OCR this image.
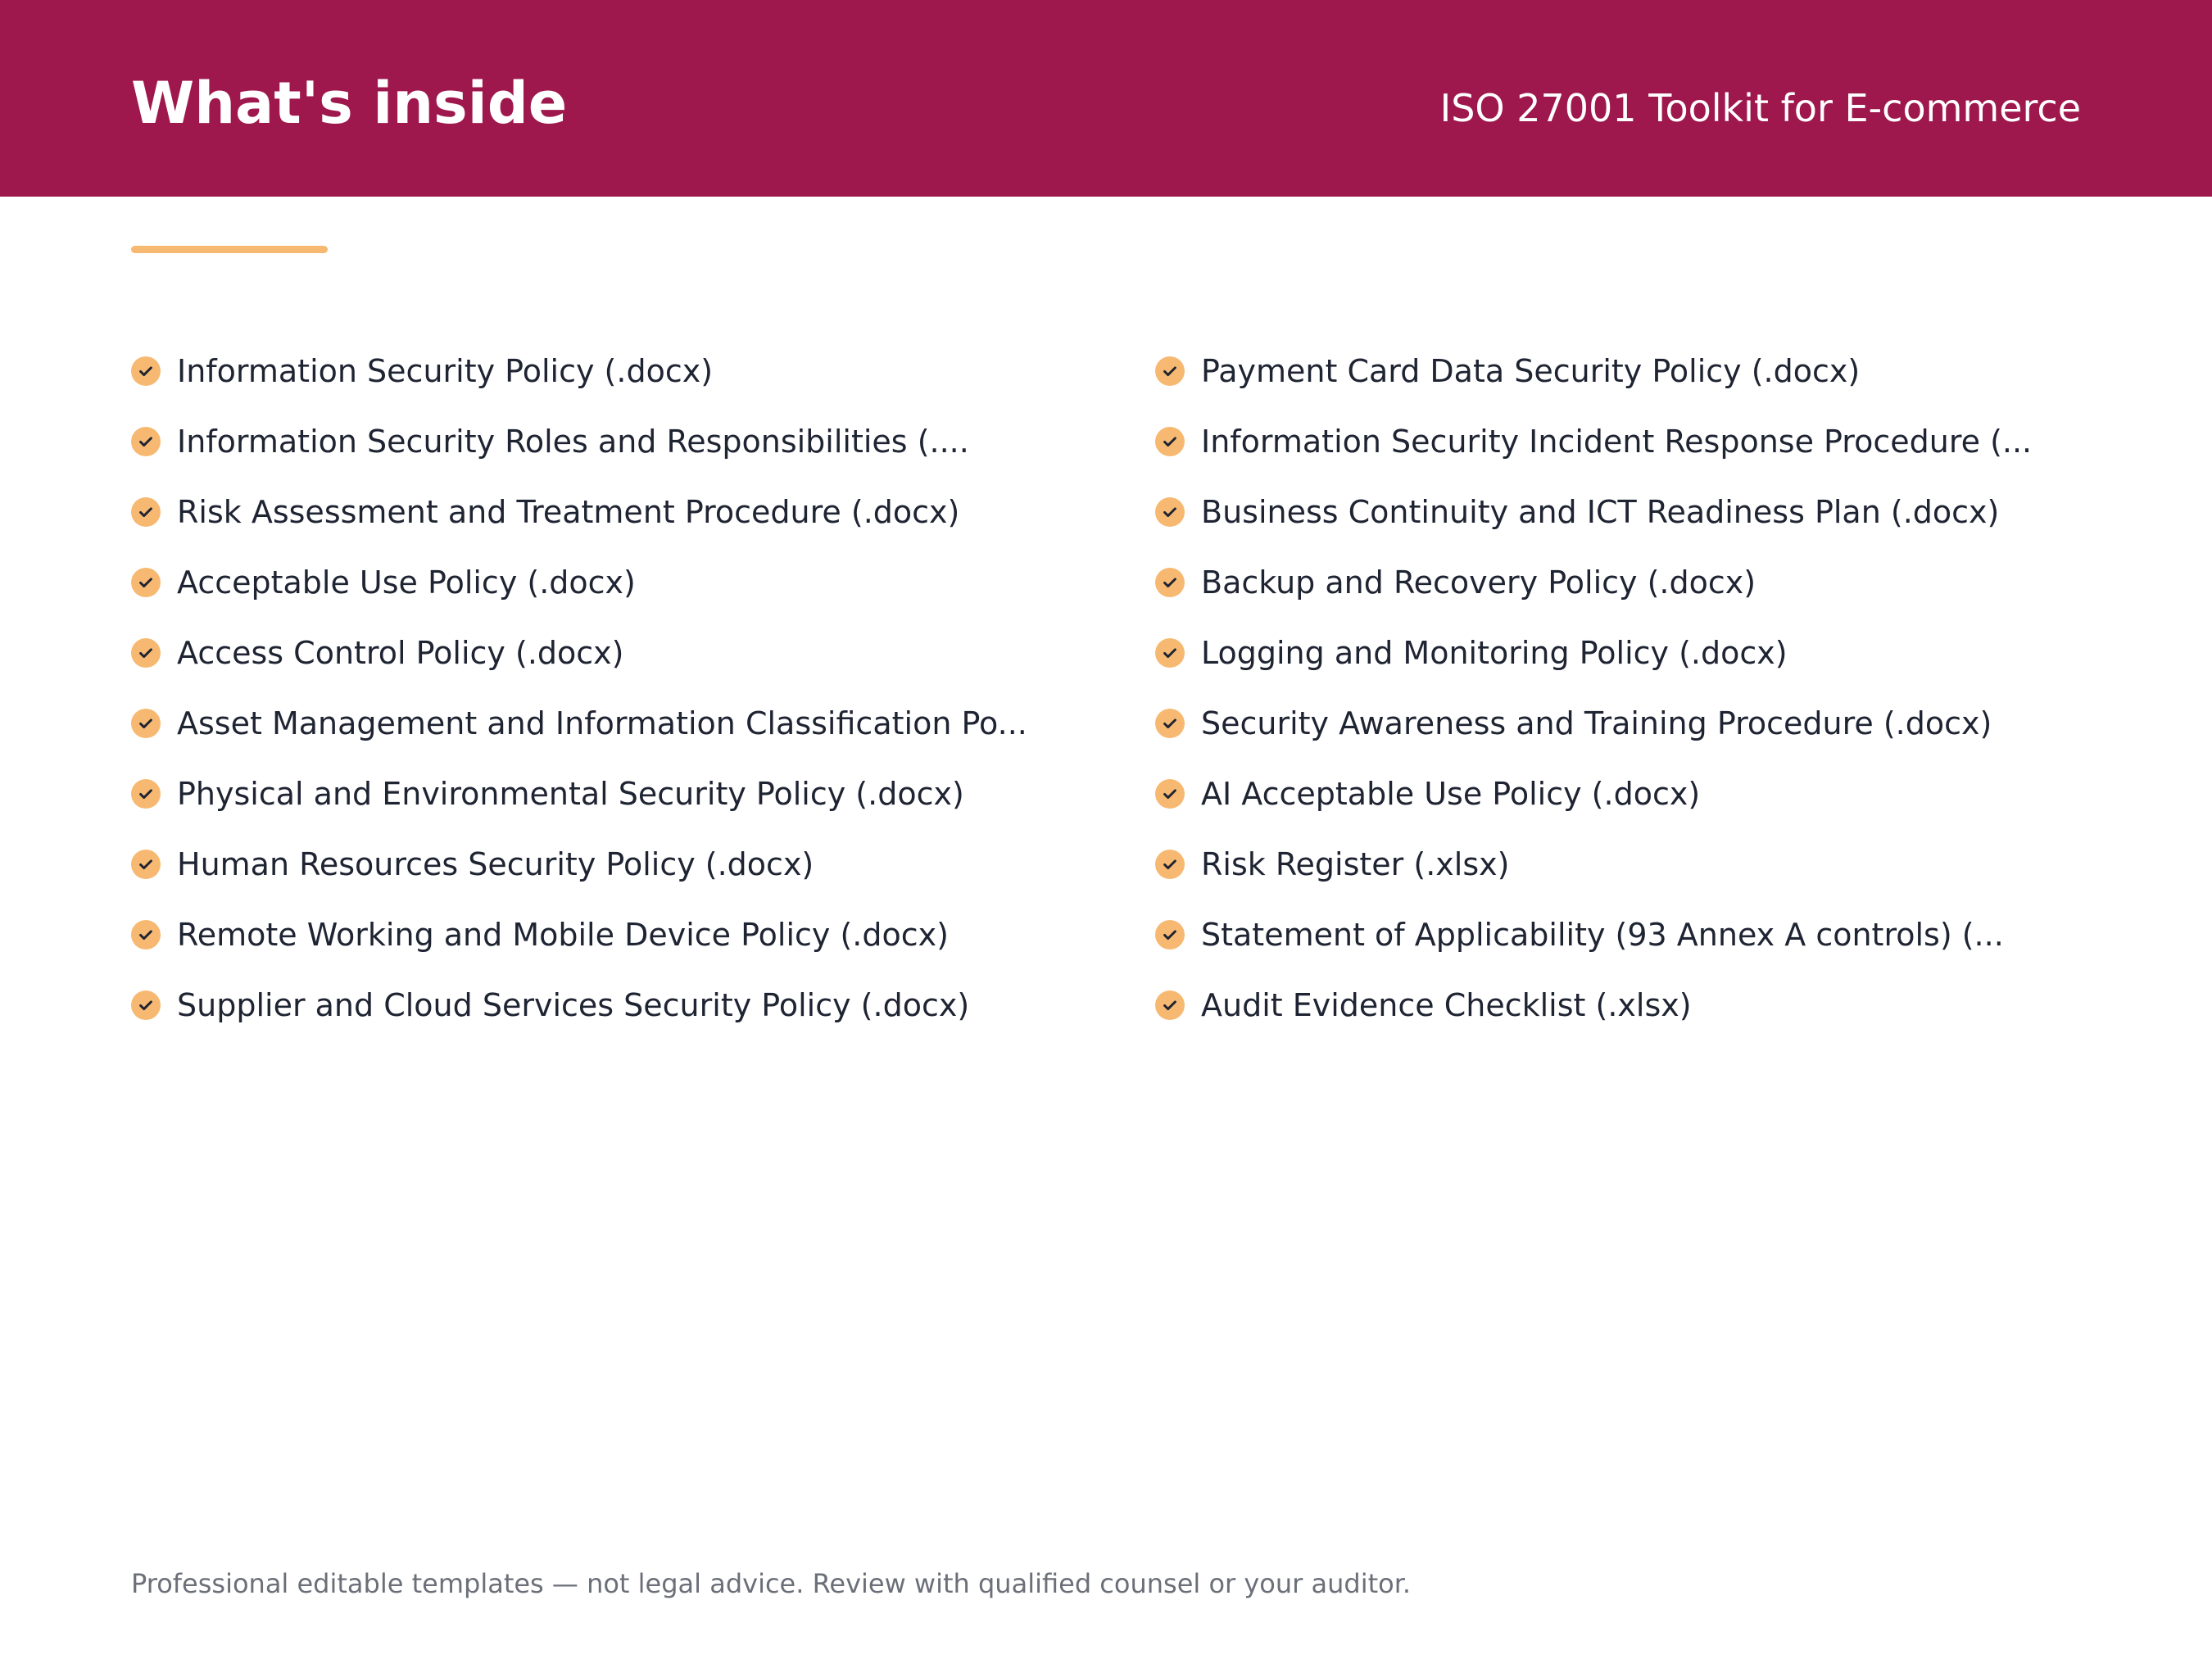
What's inside	ISO 27001 Toolkit for E-commerce
Information Security Policy (.docx)
Information Security Roles and Responsibilities (....
Risk Assessment and Treatment Procedure (.docx)
Acceptable Use Policy (.docx)
Access Control Policy (.docx)
Asset Management and Information Classification Po...
Physical and Environmental Security Policy (.docx)
Human Resources Security Policy (.docx)
Remote Working and Mobile Device Policy (.docx)
Supplier and Cloud Services Security Policy (.docx)
Payment Card Data Security Policy (.docx)
Information Security Incident Response Procedure (...
Business Continuity and ICT Readiness Plan (.docx)
Backup and Recovery Policy (.docx)
Logging and Monitoring Policy (.docx)
Security Awareness and Training Procedure (.docx)
AI Acceptable Use Policy (.docx)
Risk Register (.xlsx)
Statement of Applicability (93 Annex A controls) (...
Audit Evidence Checklist (.xlsx)
Professional editable templates — not legal advice. Review with qualified counsel or your auditor.
